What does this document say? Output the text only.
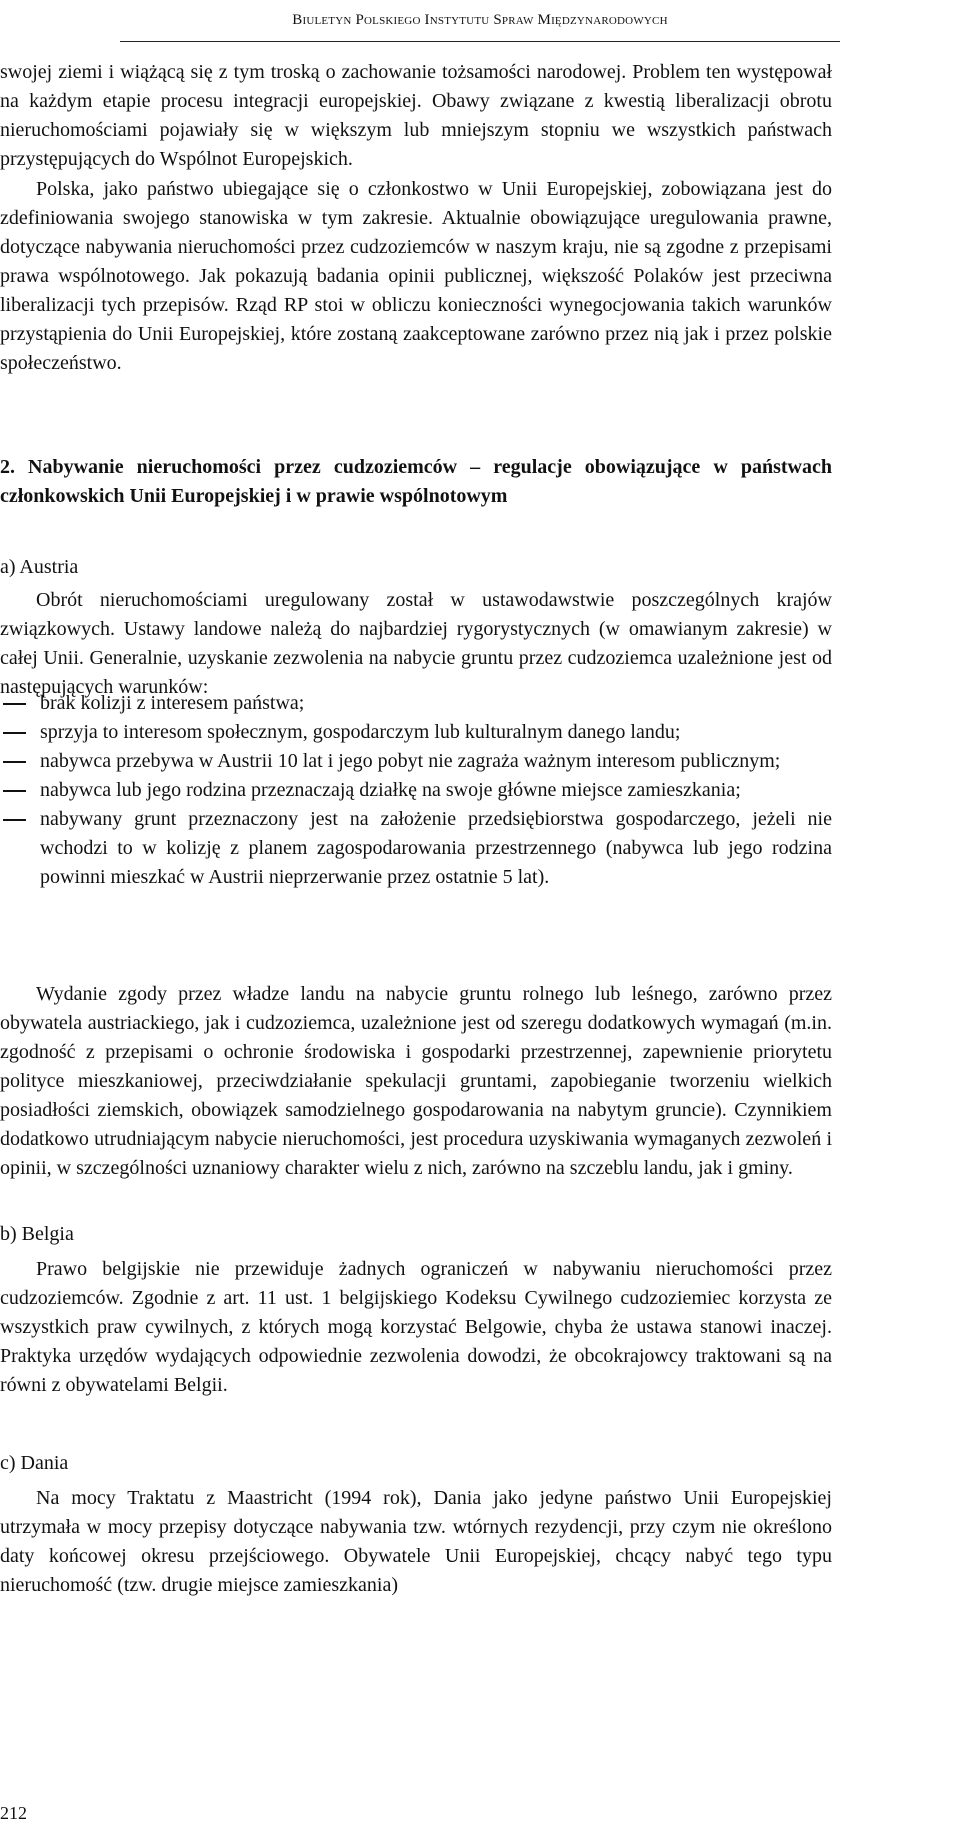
Biuletyn Polskiego Instytutu Spraw Międzynarodowych

swojej ziemi i wiążącą się z tym troską o zachowanie tożsamości narodowej. Problem ten występował na każdym etapie procesu integracji europejskiej. Obawy związane z kwestią liberalizacji obrotu nieruchomościami pojawiały się w większym lub mniejszym stopniu we wszystkich państwach przystępujących do Wspólnot Europejskich.

Polska, jako państwo ubiegające się o członkostwo w Unii Europejskiej, zobowiązana jest do zdefiniowania swojego stanowiska w tym zakresie. Aktualnie obowiązujące uregulowania prawne, dotyczące nabywania nieruchomości przez cudzoziemców w naszym kraju, nie są zgodne z przepisami prawa wspólnotowego. Jak pokazują badania opinii publicznej, większość Polaków jest przeciwna liberalizacji tych przepisów. Rząd RP stoi w obliczu konieczności wynegocjowania takich warunków przystąpienia do Unii Europejskiej, które zostaną zaakceptowane zarówno przez nią jak i przez polskie społeczeństwo.

2. Nabywanie nieruchomości przez cudzoziemców – regulacje obowiązujące w państwach członkowskich Unii Europejskiej i w prawie wspólnotowym
a) Austria

Obrót nieruchomościami uregulowany został w ustawodawstwie poszczególnych krajów związkowych. Ustawy landowe należą do najbardziej rygorystycznych (w omawianym zakresie) w całej Unii. Generalnie, uzyskanie zezwolenia na nabycie gruntu przez cudzoziemca uzależnione jest od następujących warunków:

brak kolizji z interesem państwa;
sprzyja to interesom społecznym, gospodarczym lub kulturalnym danego landu;
nabywca przebywa w Austrii 10 lat i jego pobyt nie zagraża ważnym interesom publicznym;
nabywca lub jego rodzina przeznaczają działkę na swoje główne miejsce zamieszkania;
nabywany grunt przeznaczony jest na założenie przedsiębiorstwa gospodarczego, jeżeli nie wchodzi to w kolizję z planem zagospodarowania przestrzennego (nabywca lub jego rodzina powinni mieszkać w Austrii nieprzerwanie przez ostatnie 5 lat).

Wydanie zgody przez władze landu na nabycie gruntu rolnego lub leśnego, zarówno przez obywatela austriackiego, jak i cudzoziemca, uzależnione jest od szeregu dodatkowych wymagań (m.in. zgodność z przepisami o ochronie środowiska i gospodarki przestrzennej, zapewnienie priorytetu polityce mieszkaniowej, przeciwdziałanie spekulacji gruntami, zapobieganie tworzeniu wielkich posiadłości ziemskich, obowiązek samodzielnego gospodarowania na nabytym gruncie). Czynnikiem dodatkowo utrudniającym nabycie nieruchomości, jest procedura uzyskiwania wymaganych zezwoleń i opinii, w szczególności uznaniowy charakter wielu z nich, zarówno na szczeblu landu, jak i gminy.

b) Belgia

Prawo belgijskie nie przewiduje żadnych ograniczeń w nabywaniu nieruchomości przez cudzoziemców. Zgodnie z art. 11 ust. 1 belgijskiego Kodeksu Cywilnego cudzoziemiec korzysta ze wszystkich praw cywilnych, z których mogą korzystać Belgowie, chyba że ustawa stanowi inaczej. Praktyka urzędów wydających odpowiednie zezwolenia dowodzi, że obcokrajowcy traktowani są na równi z obywatelami Belgii.

c) Dania

Na mocy Traktatu z Maastricht (1994 rok), Dania jako jedyne państwo Unii Europejskiej utrzymała w mocy przepisy dotyczące nabywania tzw. wtórnych rezydencji, przy czym nie określono daty końcowej okresu przejściowego. Obywatele Unii Europejskiej, chcący nabyć tego typu nieruchomość (tzw. drugie miejsce zamieszkania)

212
